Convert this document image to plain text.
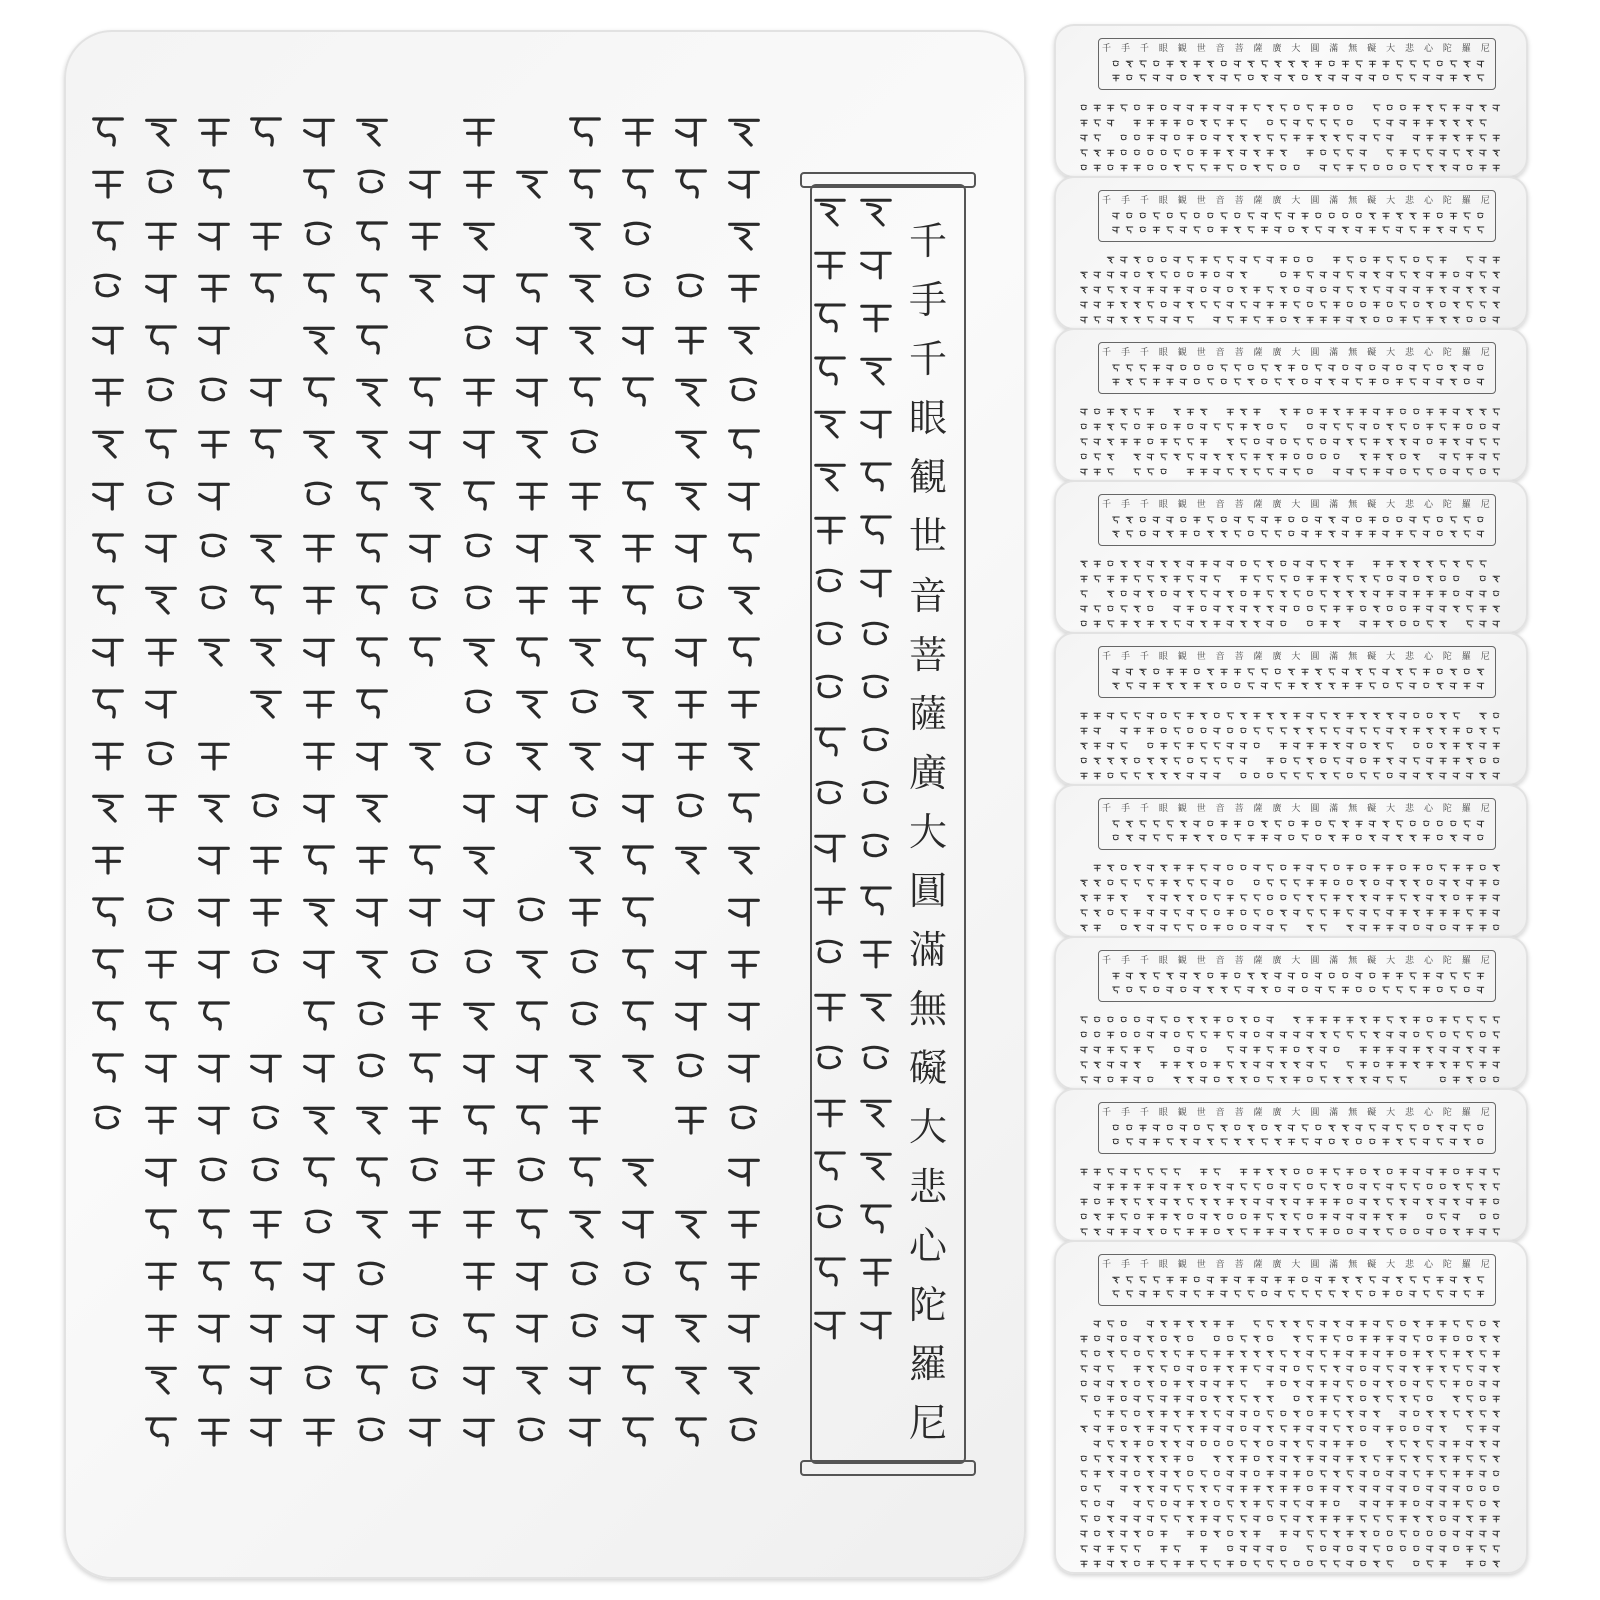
千
手
千
眼
観
世
音
菩
薩
廣
大
圓
滿
無
礙
大
悲
心
陀
羅
尼
千 手 千 眼 観 世 音 菩 薩 廣 大 圓 滿 無 礙 大 悲 心 陀 羅 尼
千 手 千 眼 観 世 音 菩 薩 廣 大 圓 滿 無 礙 大 悲 心 陀 羅 尼
千 手 千 眼 観 世 音 菩 薩 廣 大 圓 滿 無 礙 大 悲 心 陀 羅 尼
千 手 千 眼 観 世 音 菩 薩 廣 大 圓 滿 無 礙 大 悲 心 陀 羅 尼
千 手 千 眼 観 世 音 菩 薩 廣 大 圓 滿 無 礙 大 悲 心 陀 羅 尼
千 手 千 眼 観 世 音 菩 薩 廣 大 圓 滿 無 礙 大 悲 心 陀 羅 尼
千 手 千 眼 観 世 音 菩 薩 廣 大 圓 滿 無 礙 大 悲 心 陀 羅 尼
千 手 千 眼 観 世 音 菩 薩 廣 大 圓 滿 無 礙 大 悲 心 陀 羅 尼
千 手 千 眼 観 世 音 菩 薩 廣 大 圓 滿 無 礙 大 悲 心 陀 羅 尼
